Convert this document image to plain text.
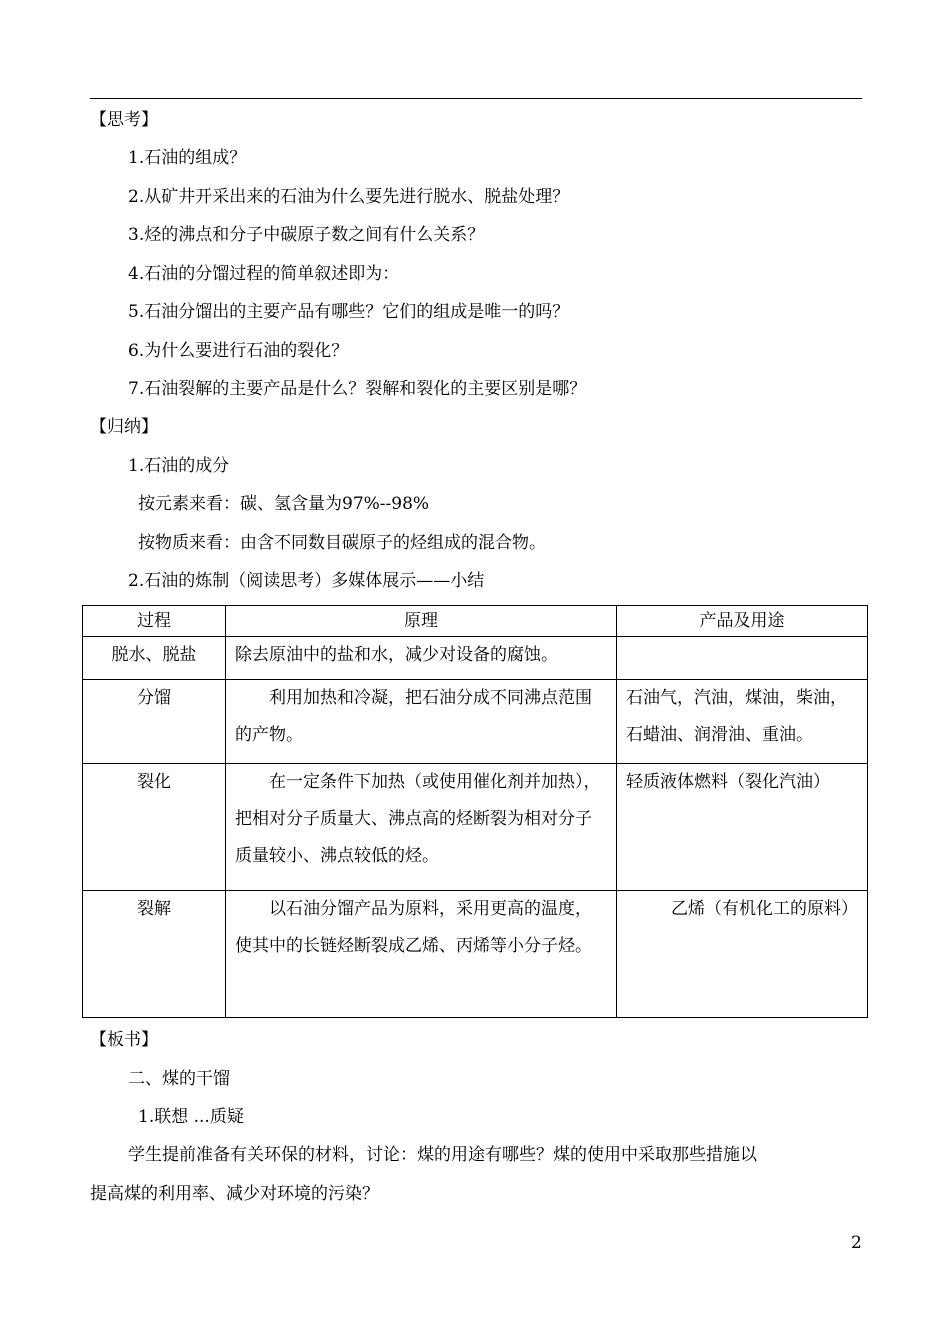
【思考】
1.石油的组成？
2.从矿井开采出来的石油为什么要先进行脱水、脱盐处理？
3.烃的沸点和分子中碳原子数之间有什么关系？
4.石油的分馏过程的简单叙述即为：
5.石油分馏出的主要产品有哪些？它们的组成是唯一的吗？
6.为什么要进行石油的裂化？
7.石油裂解的主要产品是什么？裂解和裂化的主要区别是哪？
【归纳】
1.石油的成分
按元素来看：碳、氢含量为97%--98%
按物质来看：由含不同数目碳原子的烃组成的混合物。
2.石油的炼制（阅读思考）多媒体展示——小结
过程	原理	产品及用途
脱水、脱盐	除去原油中的盐和水，减少对设备的腐蚀。	
分馏	利用加热和冷凝，把石油分成不同沸点范围的产物。	石油气，汽油，煤油，柴油，石蜡油、润滑油、重油。
裂化	在一定条件下加热（或使用催化剂并加热），把相对分子质量大、沸点高的烃断裂为相对分子质量较小、沸点较低的烃。	轻质液体燃料（裂化汽油）
裂解	以石油分馏产品为原料，采用更高的温度，使其中的长链烃断裂成乙烯、丙烯等小分子烃。	乙烯（有机化工的原料）
【板书】
二、煤的干馏
1.联想 ...质疑
学生提前准备有关环保的材料，讨论：煤的用途有哪些？煤的使用中采取那些措施以
提高煤的利用率、减少对环境的污染？
2
